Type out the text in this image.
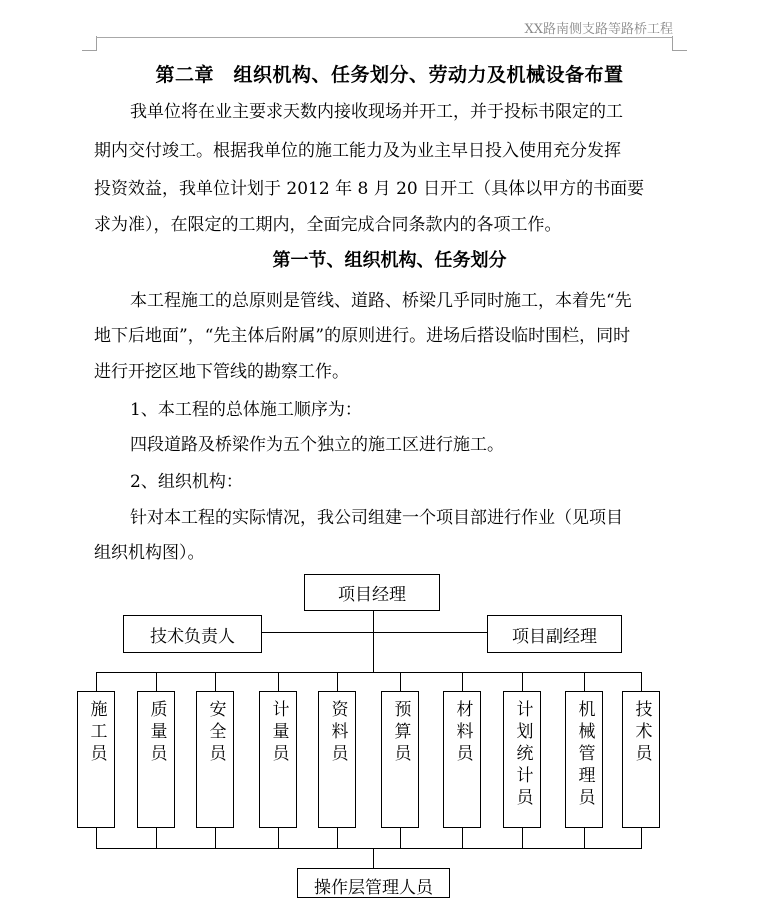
XX路南侧支路等路桥工程
第二章　组织机构、任务划分、劳动力及机械设备布置
我单位将在业主要求天数内接收现场并开工，并于投标书限定的工
期内交付竣工。根据我单位的施工能力及为业主早日投入使用充分发挥
投资效益，我单位计划于 2012 年 8 月 20 日开工（具体以甲方的书面要
求为准），在限定的工期内，全面完成合同条款内的各项工作。
第一节、组织机构、任务划分
本工程施工的总原则是管线、道路、桥梁几乎同时施工，本着先“先
地下后地面”，“先主体后附属”的原则进行。进场后搭设临时围栏，同时
进行开挖区地下管线的勘察工作。
1、本工程的总体施工顺序为：
四段道路及桥梁作为五个独立的施工区进行施工。
2、组织机构：
针对本工程的实际情况，我公司组建一个项目部进行作业（见项目
组织机构图）。
项目经理
技术负责人	项目副经理
施工员 质量员 安全员	计量员 资料员	预算员 材料员 计划统计员 机械管理员 技术员
操作层管理人员
